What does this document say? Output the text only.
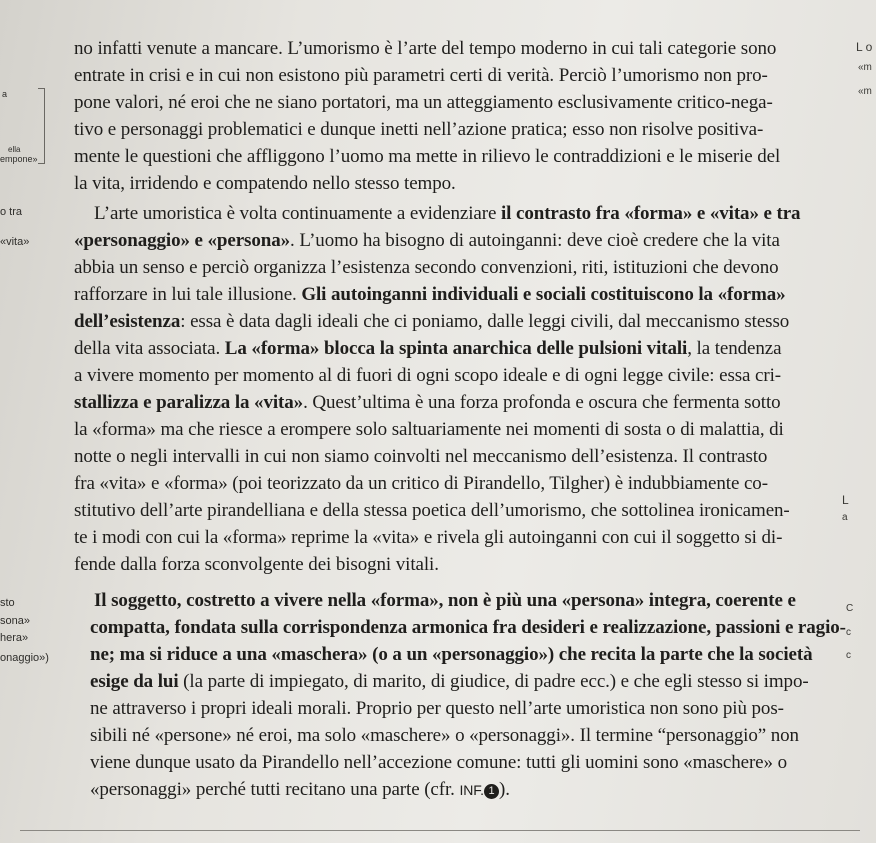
a
ella
empone»
o tra
«vita»
sto
sona»
hera»
onaggio»)
L o
«m
«m
L
a
C
c
c
no infatti venute a mancare. L’umorismo è l’arte del tempo moderno in cui tali categorie sono
entrate in crisi e in cui non esistono più parametri certi di verità. Perciò l’umorismo non pro-
pone valori, né eroi che ne siano portatori, ma un atteggiamento esclusivamente critico-nega-
tivo e personaggi problematici e dunque inetti nell’azione pratica; esso non risolve positiva-
mente le questioni che affliggono l’uomo ma mette in rilievo le contraddizioni e le miserie del
la vita, irridendo e compatendo nello stesso tempo.
L’arte umoristica è volta continuamente a evidenziare il contrasto fra «forma» e «vita» e tra
«personaggio» e «persona». L’uomo ha bisogno di autoinganni: deve cioè credere che la vita
abbia un senso e perciò organizza l’esistenza secondo convenzioni, riti, istituzioni che devono
rafforzare in lui tale illusione. Gli autoinganni individuali e sociali costituiscono la «forma»
dell’esistenza: essa è data dagli ideali che ci poniamo, dalle leggi civili, dal meccanismo stesso
della vita associata. La «forma» blocca la spinta anarchica delle pulsioni vitali, la tendenza
a vivere momento per momento al di fuori di ogni scopo ideale e di ogni legge civile: essa cri-
stallizza e paralizza la «vita». Quest’ultima è una forza profonda e oscura che fermenta sotto
la «forma» ma che riesce a erompere solo saltuariamente nei momenti di sosta o di malattia, di
notte o negli intervalli in cui non siamo coinvolti nel meccanismo dell’esistenza. Il contrasto
fra «vita» e «forma» (poi teorizzato da un critico di Pirandello, Tilgher) è indubbiamente co-
stitutivo dell’arte pirandelliana e della stessa poetica dell’umorismo, che sottolinea ironicamen-
te i modi con cui la «forma» reprime la «vita» e rivela gli autoinganni con cui il soggetto si di-
fende dalla forza sconvolgente dei bisogni vitali.
Il soggetto, costretto a vivere nella «forma», non è più una «persona» integra, coerente e
compatta, fondata sulla corrispondenza armonica fra desideri e realizzazione, passioni e ragio-
ne; ma si riduce a una «maschera» (o a un «personaggio») che recita la parte che la società
esige da lui (la parte di impiegato, di marito, di giudice, di padre ecc.) e che egli stesso si impo-
ne attraverso i propri ideali morali. Proprio per questo nell’arte umoristica non sono più pos-
sibili né «persone» né eroi, ma solo «maschere» o «personaggi». Il termine “personaggio” non
viene dunque usato da Pirandello nell’accezione comune: tutti gli uomini sono «maschere» o
«personaggi» perché tutti recitano una parte (cfr. INF. 1 ).
